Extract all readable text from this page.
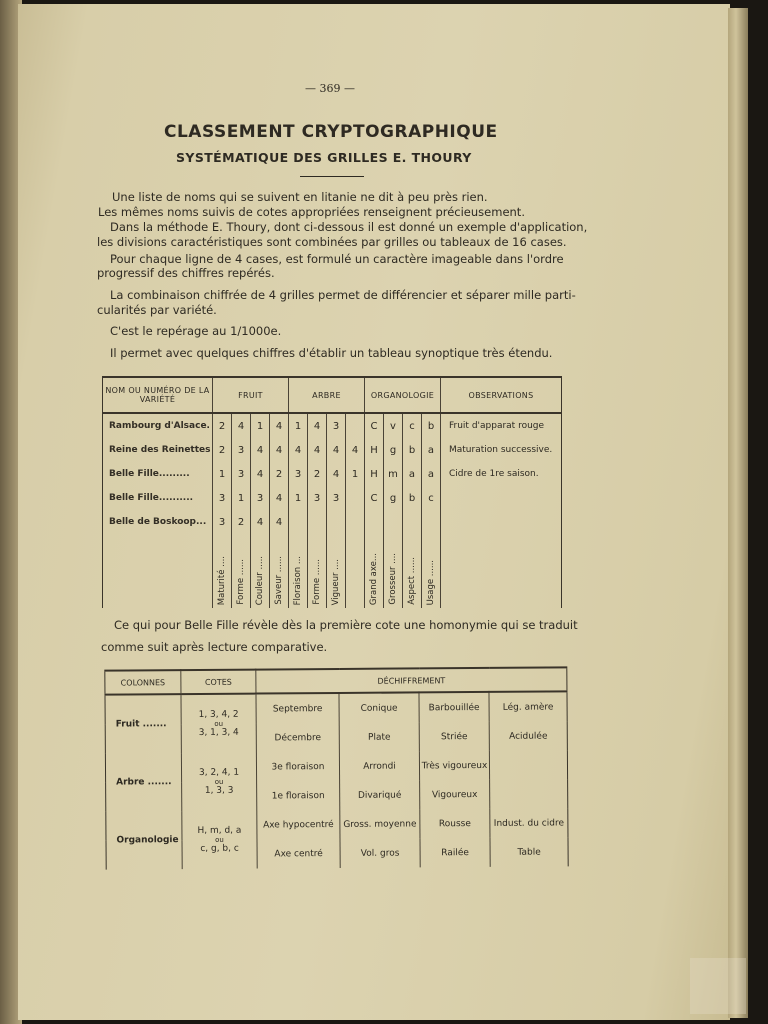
— 369 —
CLASSEMENT CRYPTOGRAPHIQUE
SYSTÉMATIQUE DES GRILLES E. THOURY
Une liste de noms qui se suivent en litanie ne dit à peu près rien.
Les mêmes noms suivis de cotes appropriées renseignent précieusement.
Dans la méthode E. Thoury, dont ci-dessous il est donné un exemple d'application,
les divisions caractéristiques sont combinées par grilles ou tableaux de 16 cases.
Pour chaque ligne de 4 cases, est formulé un caractère imageable dans l'ordre
progressif des chiffres repérés.
La combinaison chiffrée de 4 grilles permet de différencier et séparer mille parti-
cularités par variété.
C'est le repérage au 1/1000e.
Il permet avec quelques chiffres d'établir un tableau synoptique très étendu.
NOM OU NUMÉRO DE LA VARIÉTÉ	FRUIT				ARBRE				ORGANOLOGIE				OBSERVATIONS
Rambourg d'Alsace.	2	4	1	4	1	4	3		C	v	c	b	Fruit d'apparat rouge
Reine des Reinettes	2	3	4	4	4	4	4	4	H	g	b	a	Maturation successive.
Belle Fille.........	1	3	4	2	3	2	4	1	H	m	a	a	Cidre de 1re saison.
Belle Fille..........	3	1	3	4	1	3	3		C	g	b	c	
Belle de Boskoop...	3	2	4	4									
	Maturité ....	Forme ......	Couleur .....	Saveur ......	Floraison ...	Forme ......	Vigueur ....		Grand axe...	Grosseur ....	Aspect ......	Usage ......	
Ce qui pour Belle Fille révèle dès la première cote une homonymie qui se traduit
comme suit après lecture comparative.
COLONNES	COTES	DÉCHIFFREMENT			
Fruit .......	1, 3, 4, 2
ou
3, 1, 3, 4	Septembre	Conique	Barbouillée	Lég. amère
		Décembre	Plate	Striée	Acidulée
Arbre .......	3, 2, 4, 1
ou
1, 3, 3	3e floraison	Arrondi	Très vigoureux	
		1e floraison	Divariqué	Vigoureux	
Organologie	H, m, d, a
ou
c, g, b, c	Axe hypocentré	Gross. moyenne	Rousse	Indust. du cidre
		Axe centré	Vol. gros	Railée	Table
